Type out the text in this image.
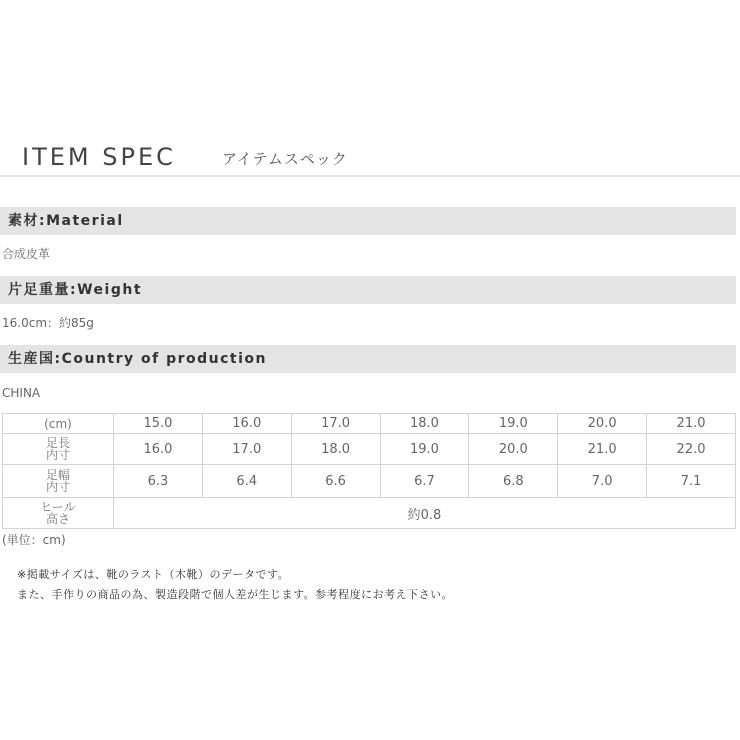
ITEM SPEC	アイテムスペック
素材:Material
合成皮革
片足重量:Weight
16.0cm：約85g
生産国:Country of production
CHINA
(cm)	15.0	16.0	17.0	18.0	19.0	20.0	21.0

足長
内寸	16.0	17.0	18.0	19.0	20.0	21.0	22.0

足幅
内寸	6.3	6.4	6.6	6.7	6.8	7.0	7.1

ヒール
高さ	約0.8						
(単位：cm)
※掲載サイズは、靴のラスト（木靴）のデータです。
また、手作りの商品の為、製造段階で個人差が生じます。参考程度にお考え下さい。
